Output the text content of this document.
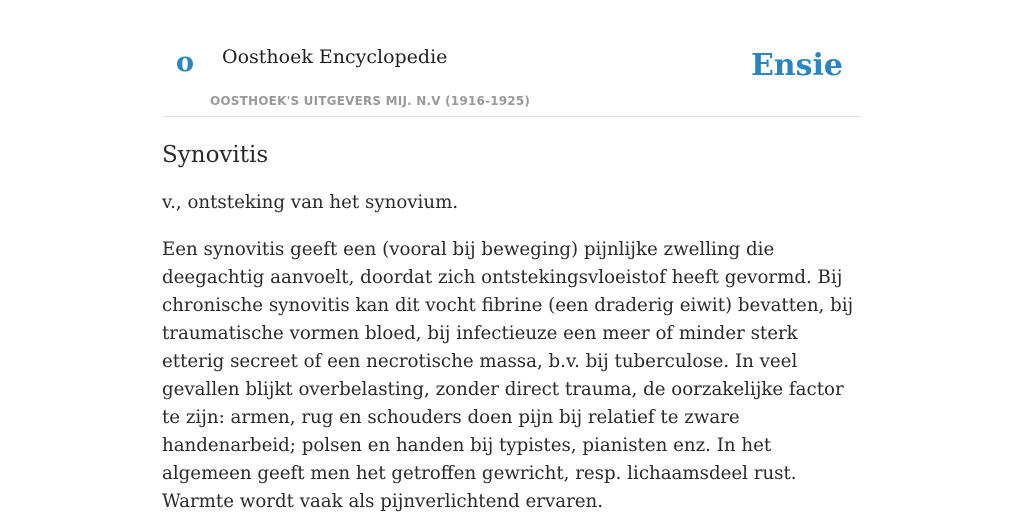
o Oosthoek Encyclopedie
OOSTHOEK'S UITGEVERS MIJ. N.V (1916-1925)
Ensie
Synovitis

v., ontsteking van het synovium.

Een synovitis geeft een (vooral bij beweging) pijnlijke zwelling die deegachtig aanvoelt, doordat zich ontstekingsvloeistof heeft gevormd. Bij chronische synovitis kan dit vocht fibrine (een draderig eiwit) bevatten, bij traumatische vormen bloed, bij infectieuze een meer of minder sterk etterig secreet of een necrotische massa, b.v. bij tuberculose. In veel gevallen blijkt overbelasting, zonder direct trauma, de oorzakelijke factor te zijn: armen, rug en schouders doen pijn bij relatief te zware handenarbeid; polsen en handen bij typistes, pianisten enz. In het algemeen geeft men het getroffen gewricht, resp. lichaamsdeel rust. Warmte wordt vaak als pijnverlichtend ervaren.
